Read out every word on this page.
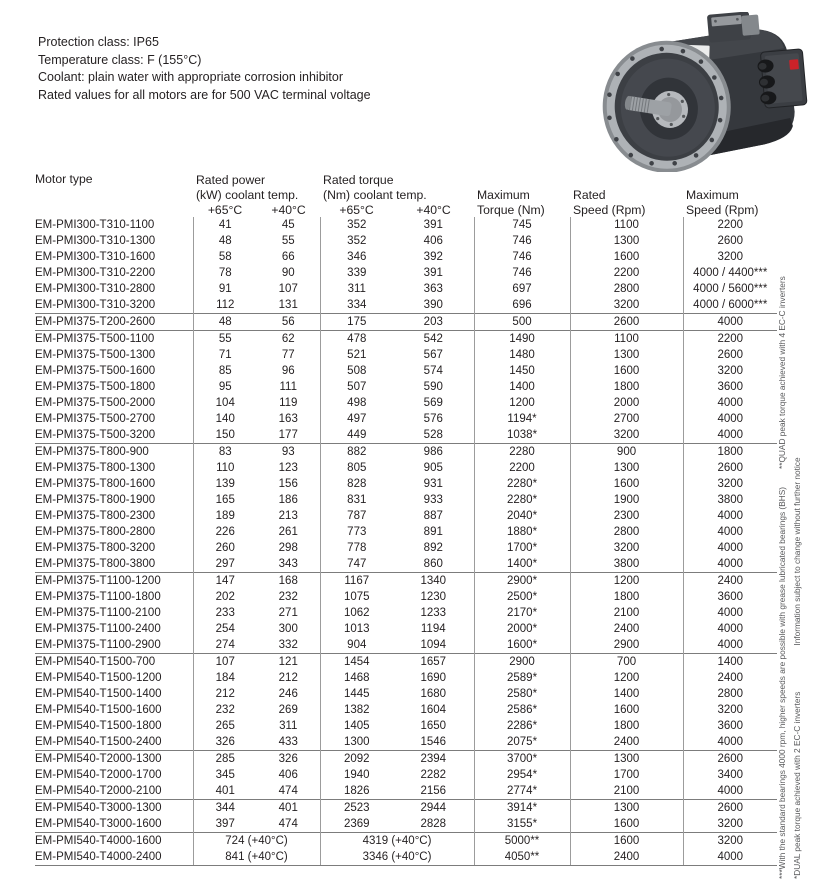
Protection class: IP65
Temperature class: F (155°C)
Coolant: plain water with appropriate corrosion inhibitor
Rated values for all motors are for 500 VAC terminal voltage
Motor type	Rated power		Rated torque				
	(kW) coolant temp.		(Nm) coolant temp.		Maximum	Rated	Maximum
	+65°C	+40°C	+65°C	+40°C	Torque (Nm)	Speed (Rpm)	Speed (Rpm)
EM-PMI300-T310-1100	41	45	352	391	745	1100	2200
EM-PMI300-T310-1300	48	55	352	406	746	1300	2600
EM-PMI300-T310-1600	58	66	346	392	746	1600	3200
EM-PMI300-T310-2200	78	90	339	391	746	2200	4000 / 4400***
EM-PMI300-T310-2800	91	107	311	363	697	2800	4000 / 5600***
EM-PMI300-T310-3200	112	131	334	390	696	3200	4000 / 6000***
EM-PMI375-T200-2600	48	56	175	203	500	2600	4000
EM-PMI375-T500-1100	55	62	478	542	1490	1100	2200
EM-PMI375-T500-1300	71	77	521	567	1480	1300	2600
EM-PMI375-T500-1600	85	96	508	574	1450	1600	3200
EM-PMI375-T500-1800	95	111	507	590	1400	1800	3600
EM-PMI375-T500-2000	104	119	498	569	1200	2000	4000
EM-PMI375-T500-2700	140	163	497	576	1194*	2700	4000
EM-PMI375-T500-3200	150	177	449	528	1038*	3200	4000
EM-PMI375-T800-900	83	93	882	986	2280	900	1800
EM-PMI375-T800-1300	110	123	805	905	2200	1300	2600
EM-PMI375-T800-1600	139	156	828	931	2280*	1600	3200
EM-PMI375-T800-1900	165	186	831	933	2280*	1900	3800
EM-PMI375-T800-2300	189	213	787	887	2040*	2300	4000
EM-PMI375-T800-2800	226	261	773	891	1880*	2800	4000
EM-PMI375-T800-3200	260	298	778	892	1700*	3200	4000
EM-PMI375-T800-3800	297	343	747	860	1400*	3800	4000
EM-PMI375-T1100-1200	147	168	1167	1340	2900*	1200	2400
EM-PMI375-T1100-1800	202	232	1075	1230	2500*	1800	3600
EM-PMI375-T1100-2100	233	271	1062	1233	2170*	2100	4000
EM-PMI375-T1100-2400	254	300	1013	1194	2000*	2400	4000
EM-PMI375-T1100-2900	274	332	904	1094	1600*	2900	4000
EM-PMI540-T1500-700	107	121	1454	1657	2900	700	1400
EM-PMI540-T1500-1200	184	212	1468	1690	2589*	1200	2400
EM-PMI540-T1500-1400	212	246	1445	1680	2580*	1400	2800
EM-PMI540-T1500-1600	232	269	1382	1604	2586*	1600	3200
EM-PMI540-T1500-1800	265	311	1405	1650	2286*	1800	3600
EM-PMI540-T1500-2400	326	433	1300	1546	2075*	2400	4000
EM-PMI540-T2000-1300	285	326	2092	2394	3700*	1300	2600
EM-PMI540-T2000-1700	345	406	1940	2282	2954*	1700	3400
EM-PMI540-T2000-2100	401	474	1826	2156	2774*	2100	4000
EM-PMI540-T3000-1300	344	401	2523	2944	3914*	1300	2600
EM-PMI540-T3000-1600	397	474	2369	2828	3155*	1600	3200
EM-PMI540-T4000-1600	724 (+40°C)		4319 (+40°C)		5000**	1600	3200
EM-PMI540-T4000-2400	841 (+40°C)		3346 (+40°C)		4050**	2400	4000	***With the standard bearings 4000 rpm, higher speeds are possible with grease lubricated bearings (BHS)**QUAD peak torque achieved with 4 EC-C inverters
*DUAL peak torque achieved with 2 EC-C invertersInformation subject to change without further notice
